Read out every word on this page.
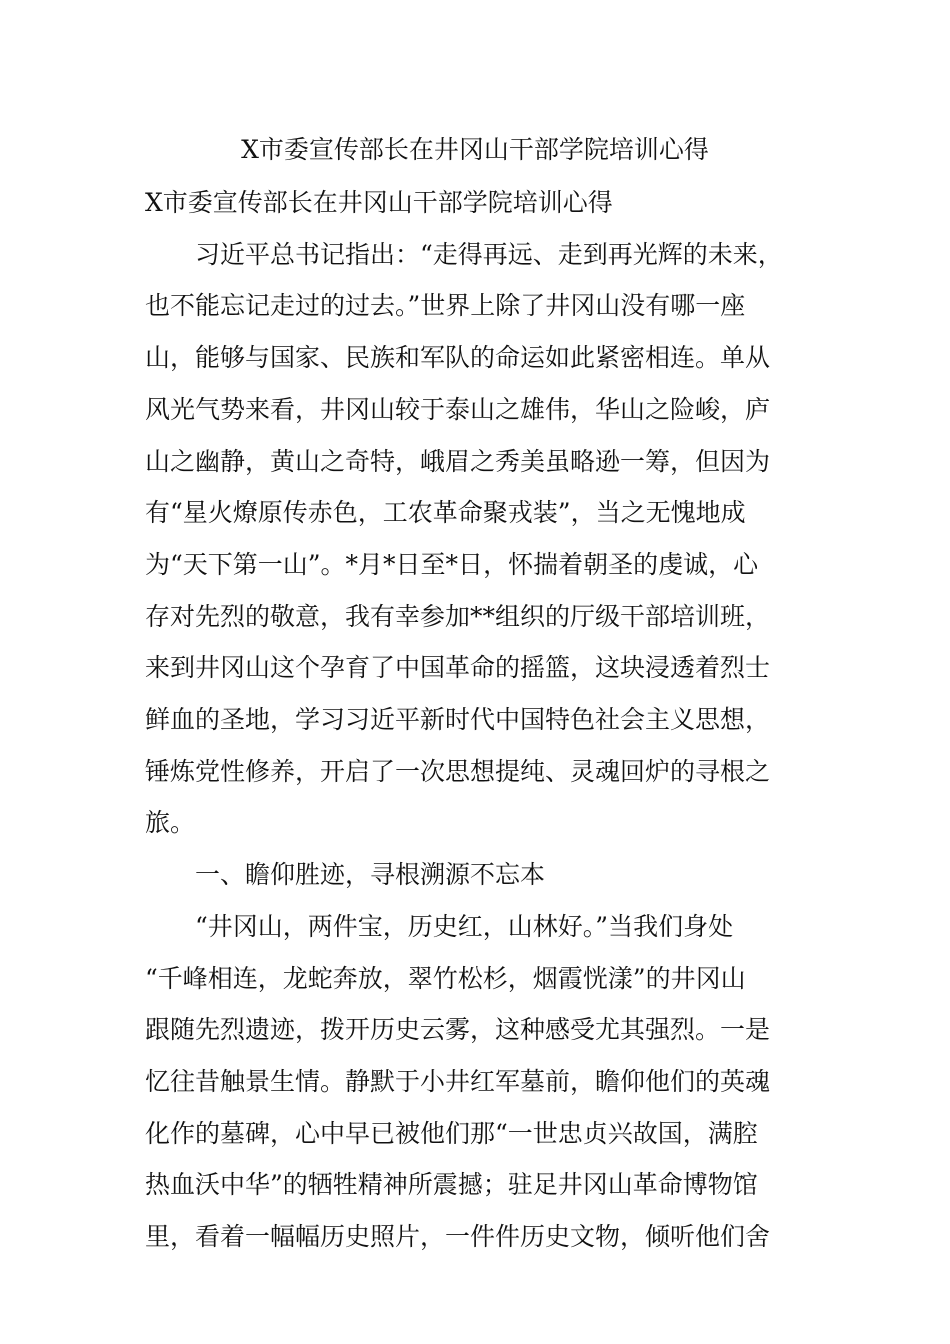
X市委宣传部长在井冈山干部学院培训心得

X市委宣传部长在井冈山干部学院培训心得

　　习近平总书记指出：“走得再远、走到再光辉的未来，

也不能忘记走过的过去。”世界上除了井冈山没有哪一座

山，能够与国家、民族和军队的命运如此紧密相连。单从

风光气势来看，井冈山较于泰山之雄伟，华山之险峻，庐

山之幽静，黄山之奇特，峨眉之秀美虽略逊一筹，但因为

有“星火燎原传赤色，工农革命聚戎装”，当之无愧地成

为“天下第一山”。*月*日至*日，怀揣着朝圣的虔诚，心

存对先烈的敬意，我有幸参加**组织的厅级干部培训班，

来到井冈山这个孕育了中国革命的摇篮，这块浸透着烈士

鲜血的圣地，学习习近平新时代中国特色社会主义思想，

锤炼党性修养，开启了一次思想提纯、灵魂回炉的寻根之

旅。

　　一、瞻仰胜迹，寻根溯源不忘本

　　“井冈山，两件宝，历史红，山林好。”当我们身处

“千峰相连，龙蛇奔放，翠竹松杉，烟霞恍漾”的井冈山

跟随先烈遗迹，拨开历史云雾，这种感受尤其强烈。一是

忆往昔触景生情。静默于小井红军墓前，瞻仰他们的英魂

化作的墓碑，心中早已被他们那“一世忠贞兴故国，满腔

热血沃中华”的牺牲精神所震撼；驻足井冈山革命博物馆

里，看着一幅幅历史照片，一件件历史文物，倾听他们舍
